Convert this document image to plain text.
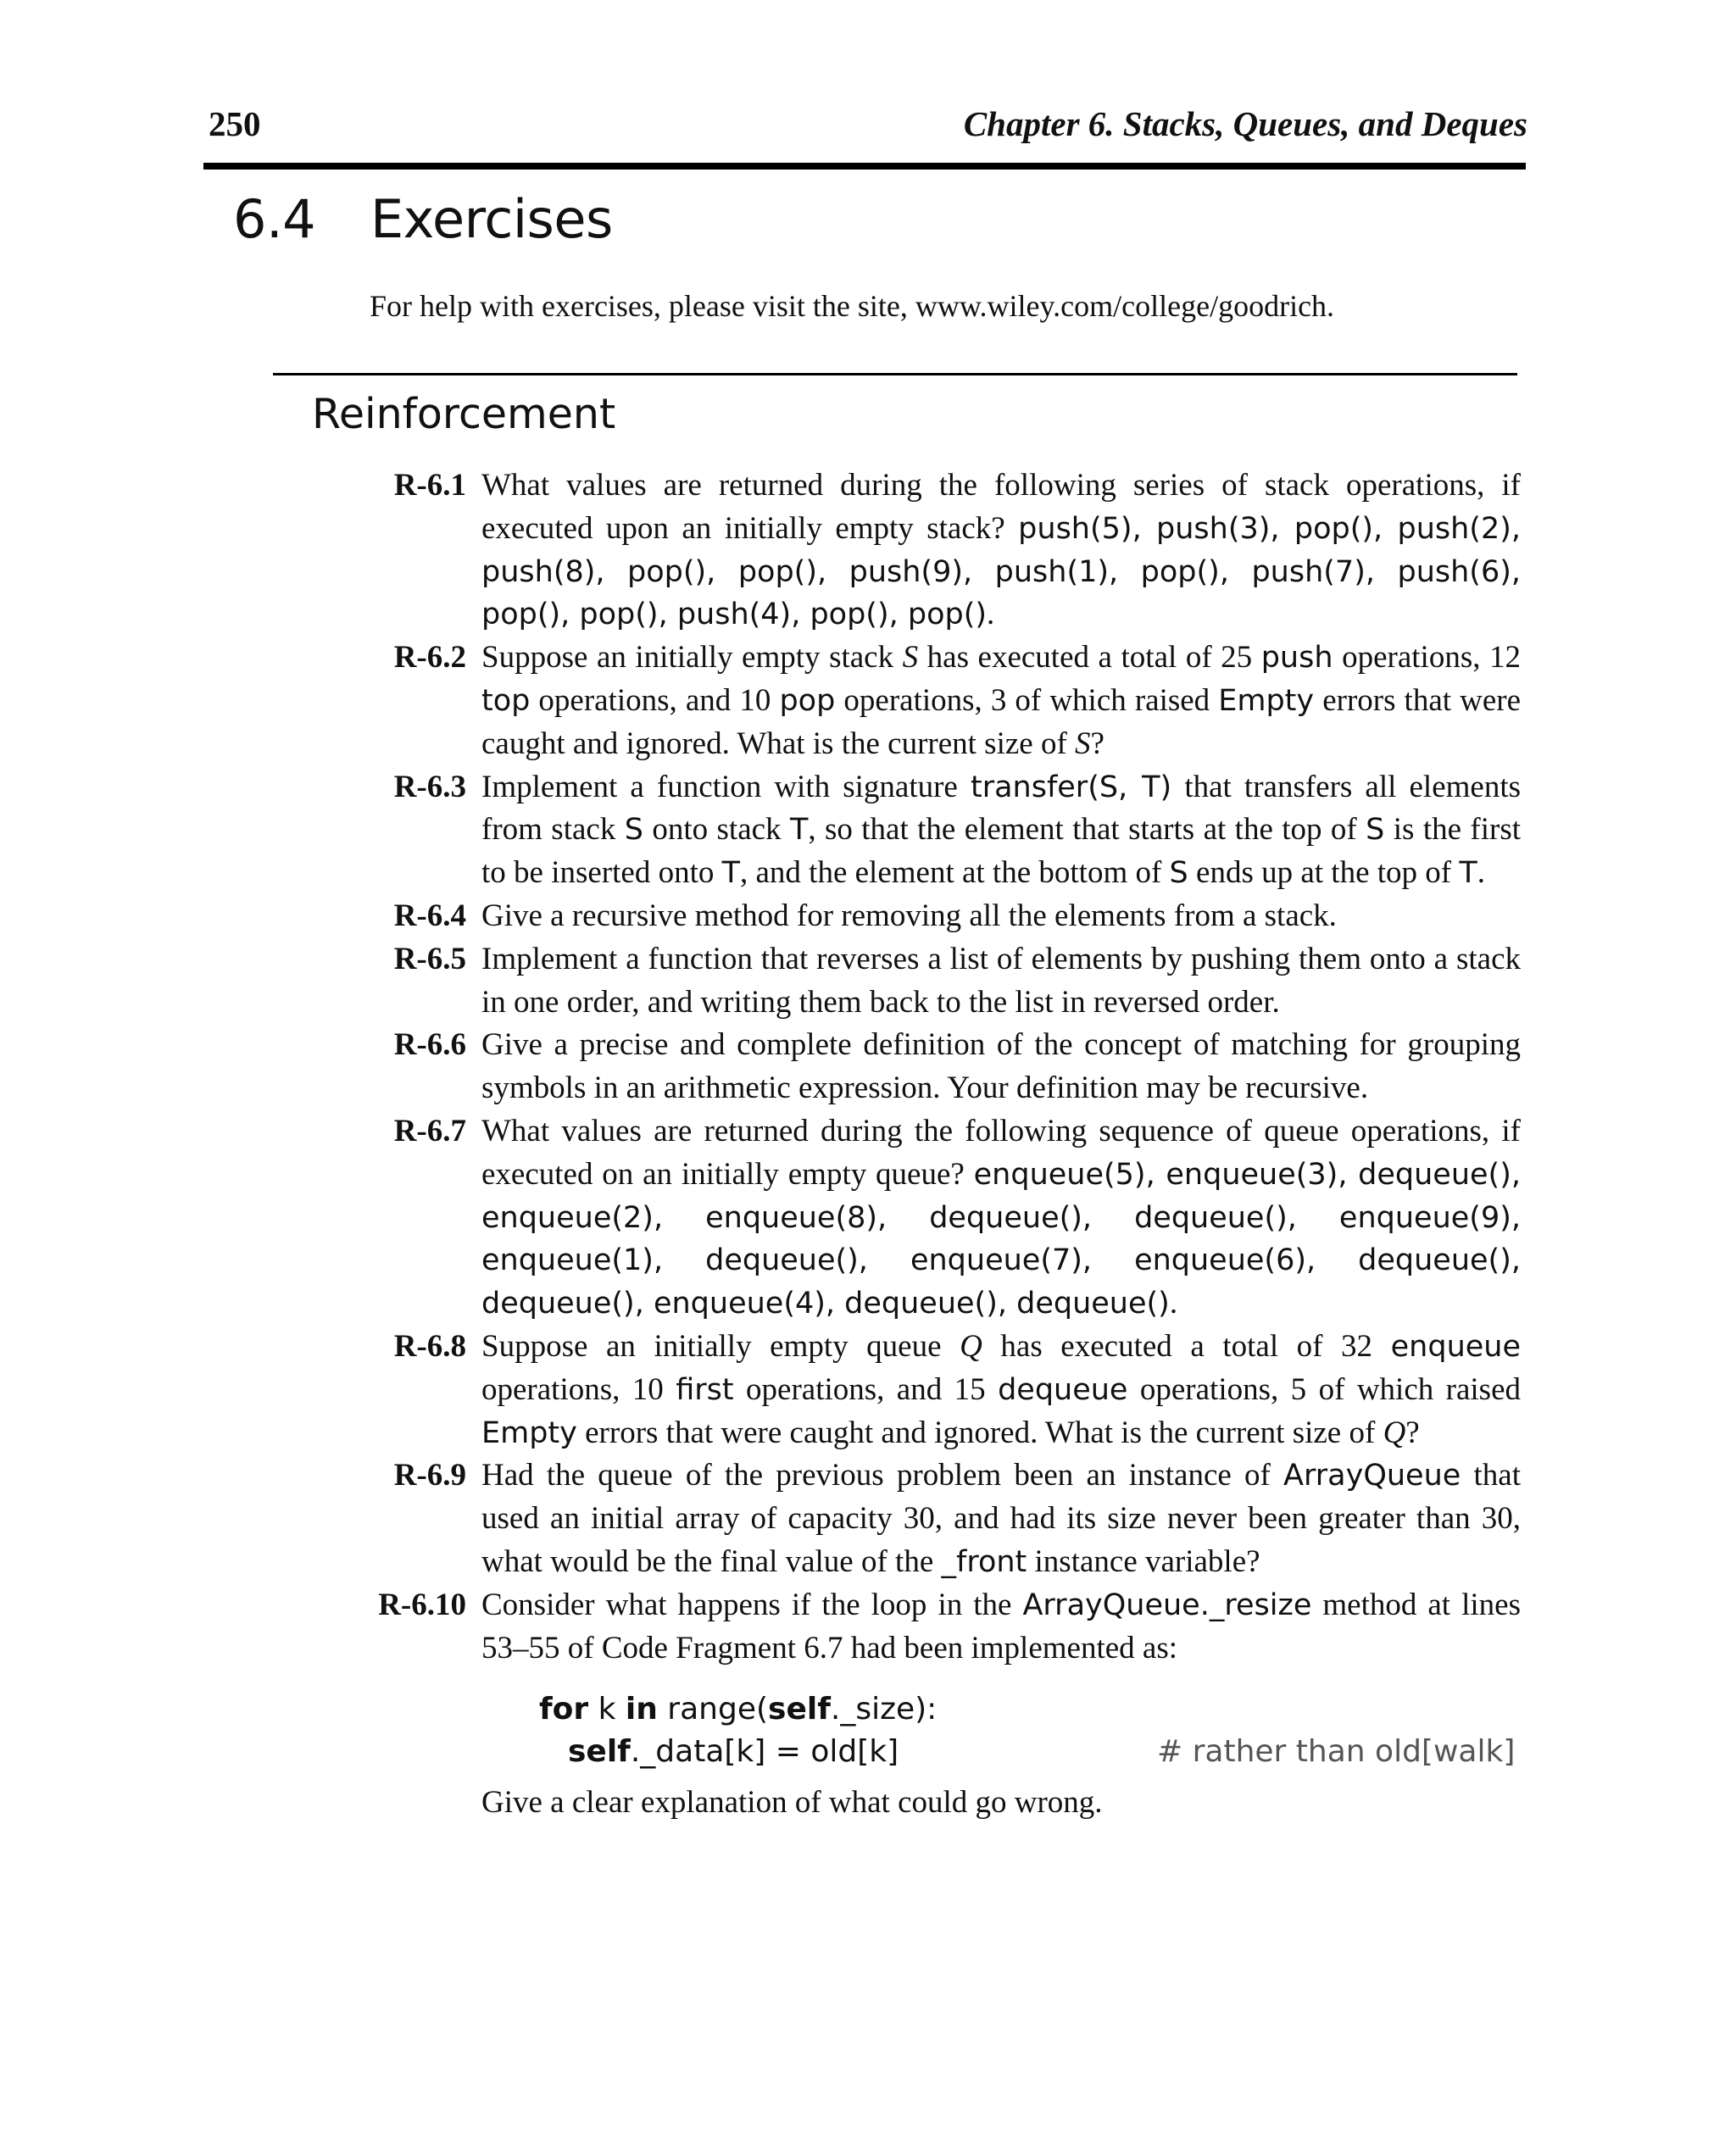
250	Chapter 6. Stacks, Queues, and Deques
6.4 Exercises
For help with exercises, please visit the site, www.wiley.com/college/goodrich.
Reinforcement
R-6.1 What values are returned during the following series of stack operations, if executed upon an initially empty stack? push(5), push(3), pop(), push(2), push(8), pop(), pop(), push(9), push(1), pop(), push(7), push(6), pop(), pop(), push(4), pop(), pop().
R-6.2 Suppose an initially empty stack S has executed a total of 25 push operations, 12 top operations, and 10 pop operations, 3 of which raised Empty errors that were caught and ignored. What is the current size of S?
R-6.3 Implement a function with signature transfer(S, T) that transfers all elements from stack S onto stack T, so that the element that starts at the top of S is the first to be inserted onto T, and the element at the bottom of S ends up at the top of T.
R-6.4 Give a recursive method for removing all the elements from a stack.
R-6.5 Implement a function that reverses a list of elements by pushing them onto a stack in one order, and writing them back to the list in reversed order.
R-6.6 Give a precise and complete definition of the concept of matching for grouping symbols in an arithmetic expression. Your definition may be recursive.
R-6.7 What values are returned during the following sequence of queue operations, if executed on an initially empty queue? enqueue(5), enqueue(3), dequeue(), enqueue(2), enqueue(8), dequeue(), dequeue(), enqueue(9), enqueue(1), dequeue(), enqueue(7), enqueue(6), dequeue(), dequeue(), enqueue(4), dequeue(), dequeue().
R-6.8 Suppose an initially empty queue Q has executed a total of 32 enqueue operations, 10 first operations, and 15 dequeue operations, 5 of which raised Empty errors that were caught and ignored. What is the current size of Q?
R-6.9 Had the queue of the previous problem been an instance of ArrayQueue that used an initial array of capacity 30, and had its size never been greater than 30, what would be the final value of the _front instance variable?
R-6.10 Consider what happens if the loop in the ArrayQueue._resize method at lines 53–55 of Code Fragment 6.7 had been implemented as:
for k in range(self._size):
self._data[k] = old[k]	# rather than old[walk]
Give a clear explanation of what could go wrong.
